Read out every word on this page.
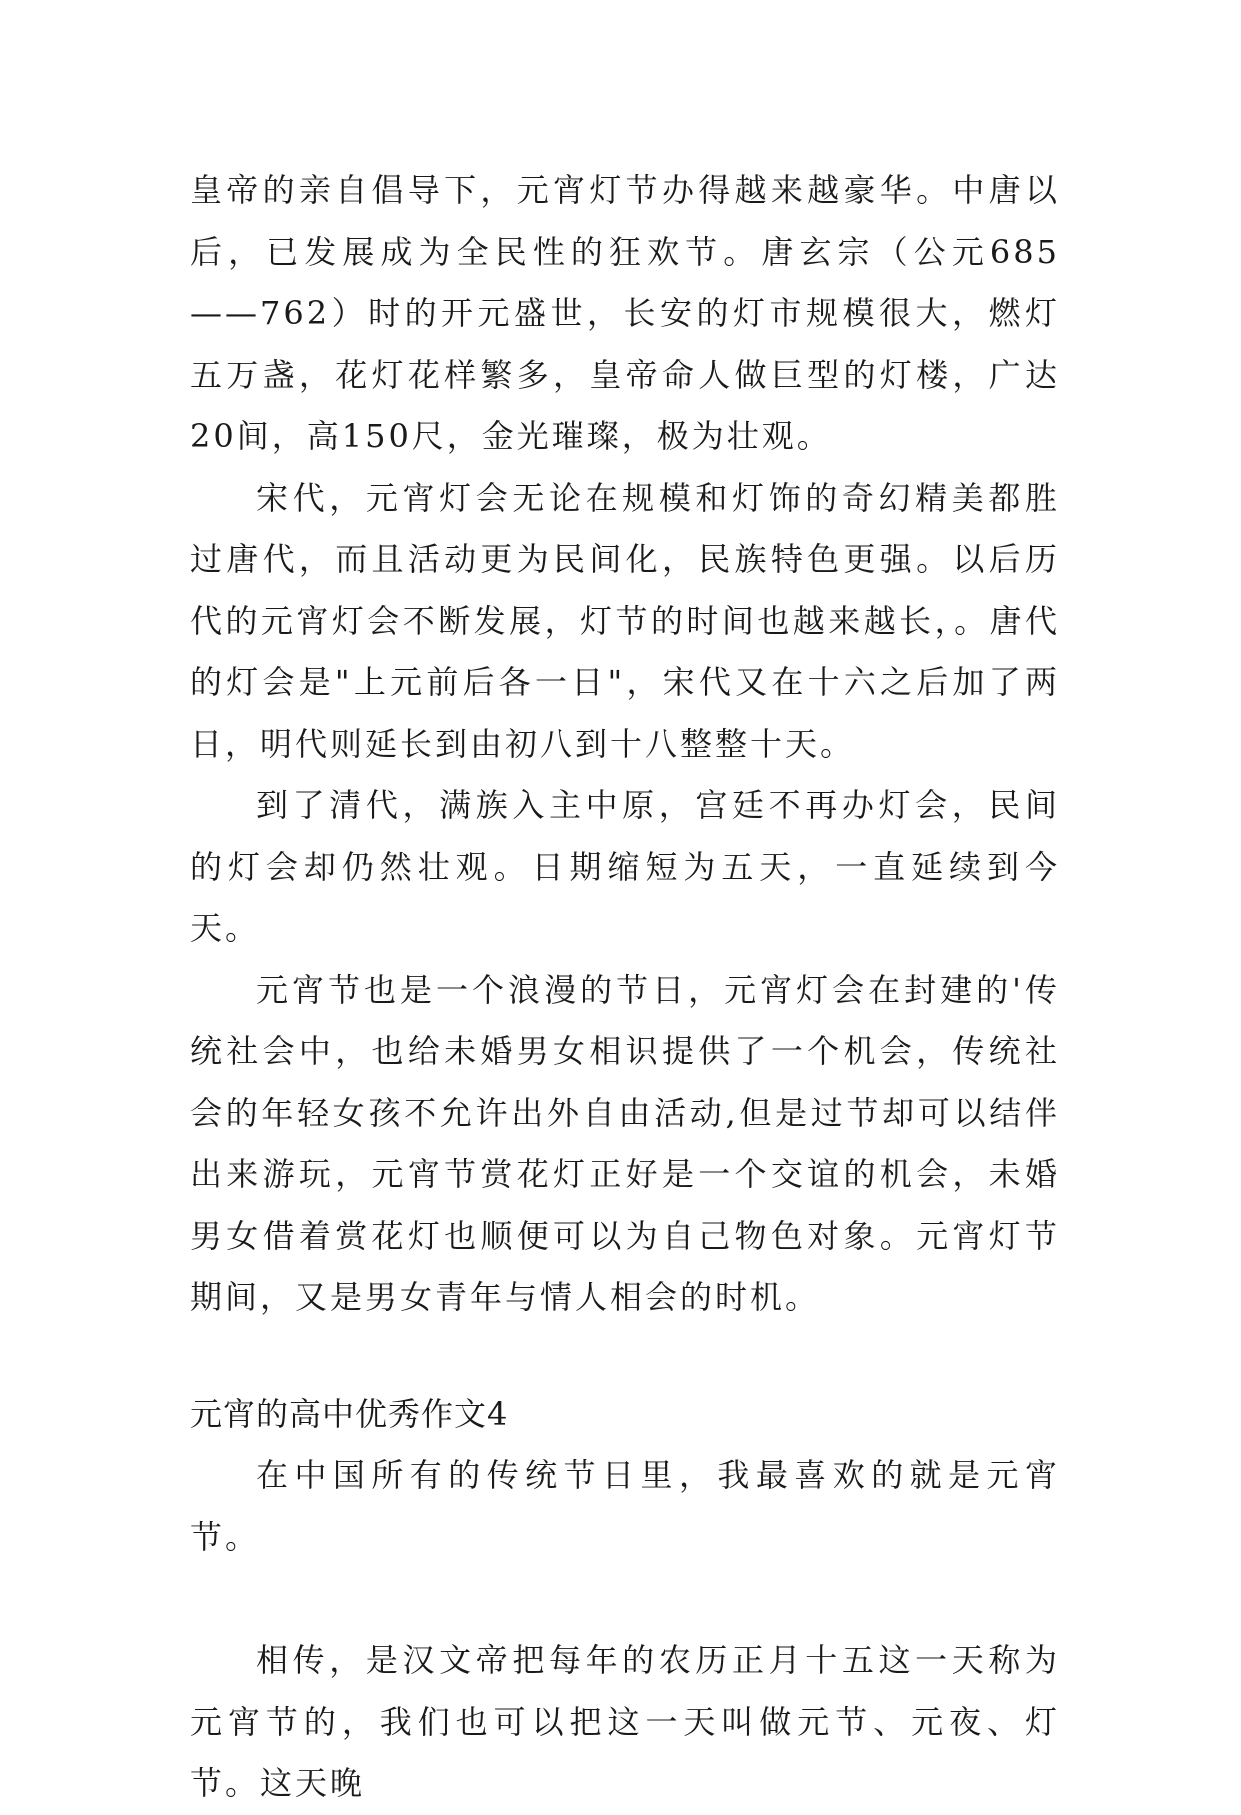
皇帝的亲自倡导下，元宵灯节办得越来越豪华。中唐以后，已发展成为全民性的狂欢节。唐玄宗（公元685——762）时的开元盛世，长安的灯市规模很大，燃灯五万盏，花灯花样繁多，皇帝命人做巨型的灯楼，广达20间，高150尺，金光璀璨，极为壮观。

宋代，元宵灯会无论在规模和灯饰的奇幻精美都胜过唐代，而且活动更为民间化，民族特色更强。以后历代的元宵灯会不断发展，灯节的时间也越来越长，。唐代的灯会是"上元前后各一日"，宋代又在十六之后加了两日，明代则延长到由初八到十八整整十天。

到了清代，满族入主中原，宫廷不再办灯会，民间的灯会却仍然壮观。日期缩短为五天，一直延续到今天。

元宵节也是一个浪漫的节日，元宵灯会在封建的'传统社会中，也给未婚男女相识提供了一个机会，传统社会的年轻女孩不允许出外自由活动,但是过节却可以结伴出来游玩，元宵节赏花灯正好是一个交谊的机会，未婚男女借着赏花灯也顺便可以为自己物色对象。元宵灯节期间，又是男女青年与情人相会的时机。

元宵的高中优秀作文4

在中国所有的传统节日里，我最喜欢的就是元宵节。

相传，是汉文帝把每年的农历正月十五这一天称为元宵节的，我们也可以把这一天叫做元节、元夜、灯节。这天晚
